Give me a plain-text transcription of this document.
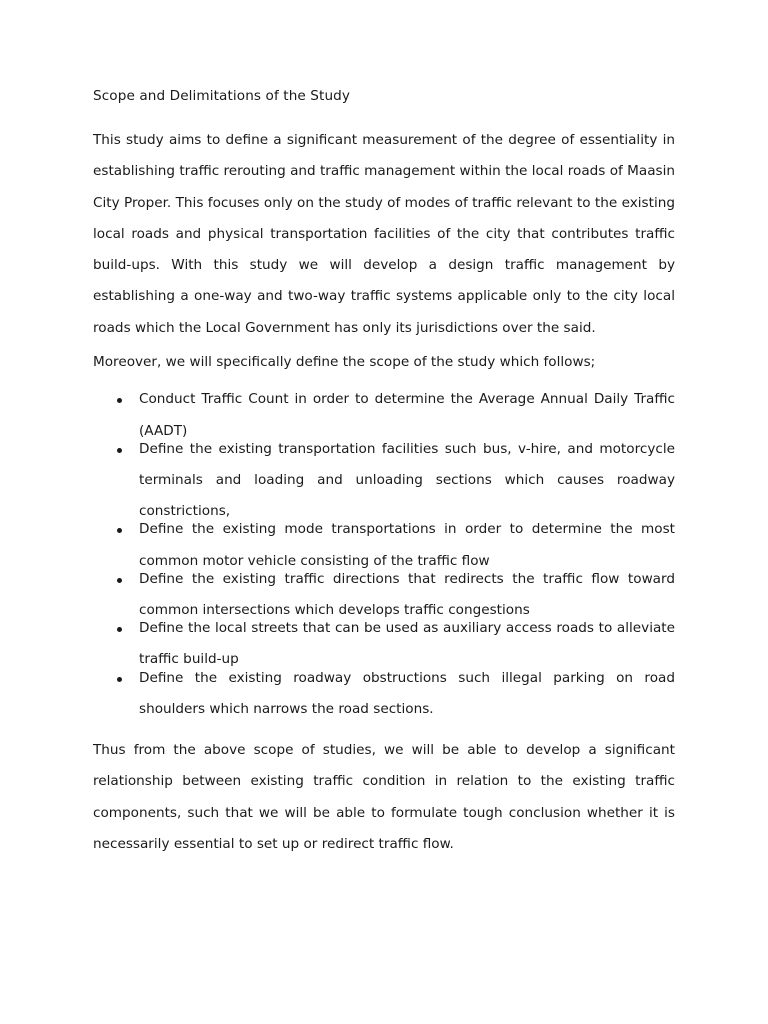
Scope and Delimitations of the Study

This study aims to define a significant measurement of the degree of essentiality in establishing traffic rerouting and traffic management within the local roads of Maasin City Proper. This focuses only on the study of modes of traffic relevant to the existing local roads and physical transportation facilities of the city that contributes traffic build-ups. With this study we will develop a design traffic management by establishing a one-way and two-way traffic systems applicable only to the city local roads which the Local Government has only its jurisdictions over the said.

Moreover, we will specifically define the scope of the study which follows;

Conduct Traffic Count in order to determine the Average Annual Daily Traffic (AADT)
Define the existing transportation facilities such bus, v-hire, and motorcycle terminals and loading and unloading sections which causes roadway constrictions,
Define the existing mode transportations in order to determine the most common motor vehicle consisting of the traffic flow
Define the existing traffic directions that redirects the traffic flow toward common intersections which develops traffic congestions
Define the local streets that can be used as auxiliary access roads to alleviate traffic build-up
Define the existing roadway obstructions such illegal parking on road shoulders which narrows the road sections.

Thus from the above scope of studies, we will be able to develop a significant relationship between existing traffic condition in relation to the existing traffic components, such that we will be able to formulate tough conclusion whether it is necessarily essential to set up or redirect traffic flow.
